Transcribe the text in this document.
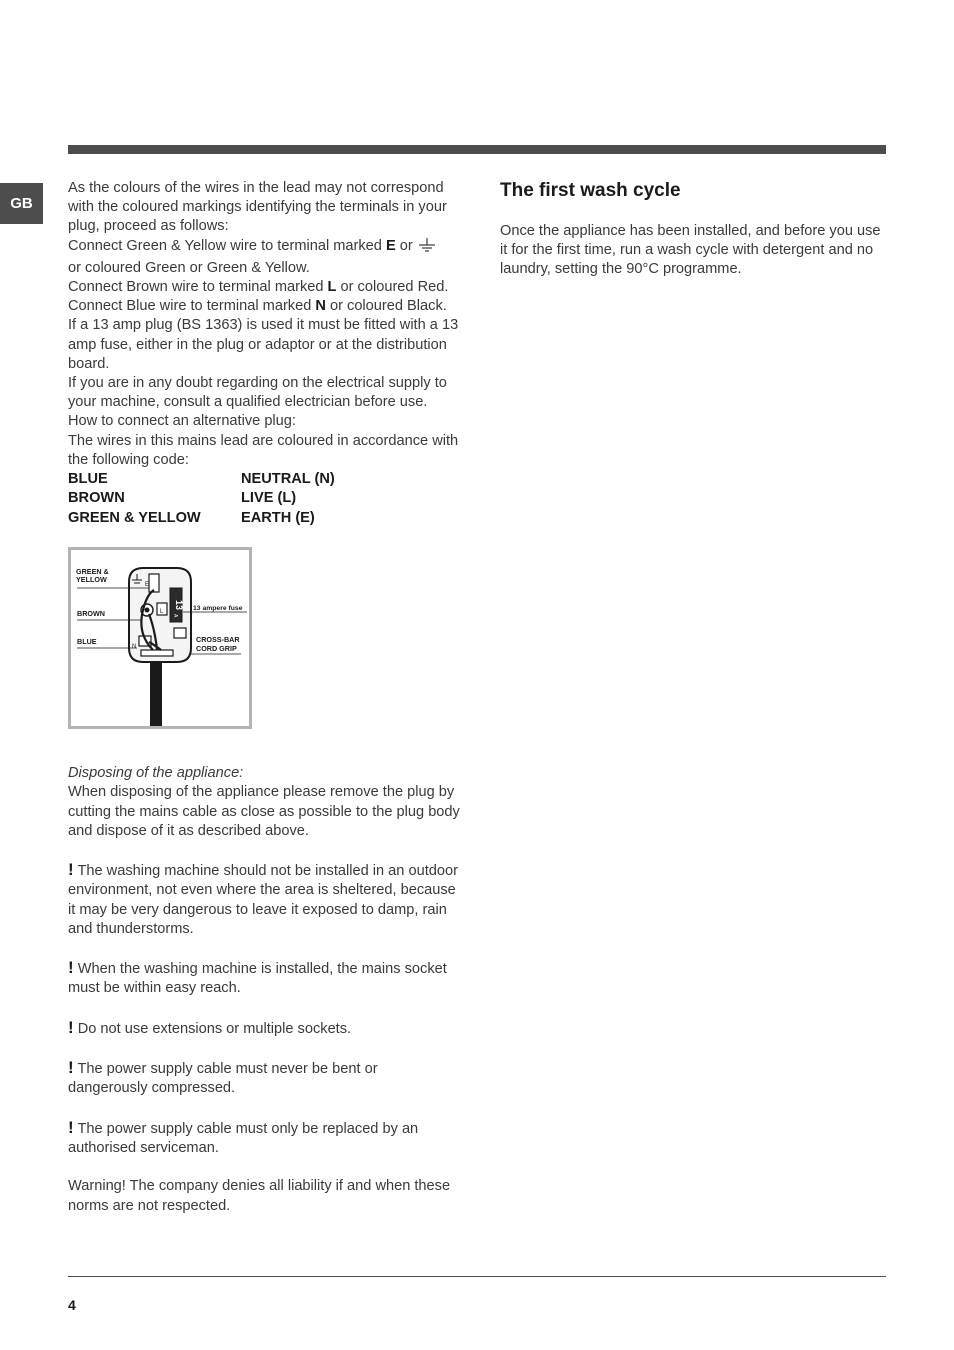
GB

As the colours of the wires in the lead may not correspond with the coloured markings identifying the terminals in your plug, proceed as follows:

Connect Green & Yellow wire to terminal marked E or
or coloured Green or Green & Yellow.

Connect Brown wire to terminal marked L or coloured Red.

Connect Blue wire to terminal marked N or coloured Black.

If a 13 amp plug (BS 1363) is used it must be fitted with a 13 amp fuse, either in the plug or adaptor or at the distribution board.

If you are in any doubt regarding on the electrical supply to your machine, consult a qualified electrician before use.

How to connect an alternative plug:

The wires in this mains lead are coloured in accordance with the following code:

BLUE	NEUTRAL (N)
BROWN	LIVE (L)
GREEN & YELLOW	EARTH (E)
E
13
A
L
N
GREEN &
YELLOW
BROWN
BLUE
13 ampere fuse
CROSS-BAR
CORD GRIP

Disposing of the appliance:

When disposing of the appliance please remove the plug by cutting the mains cable as close as possible to the plug body and dispose of it as described above.

! The washing machine should not be installed in an outdoor environment, not even where the area is sheltered, because it may be very dangerous to leave it exposed to damp, rain and thunderstorms.

! When the washing machine is installed, the mains socket must be within easy reach.

! Do not use extensions or multiple sockets.

! The power supply cable must never be bent or dangerously compressed.

! The power supply cable must only be replaced by an authorised serviceman.

Warning! The company denies all liability if and when these norms are not respected.

The first wash cycle

Once the appliance has been installed, and before you use it for the first time, run a wash cycle with detergent and no laundry, setting the 90°C programme.

4
